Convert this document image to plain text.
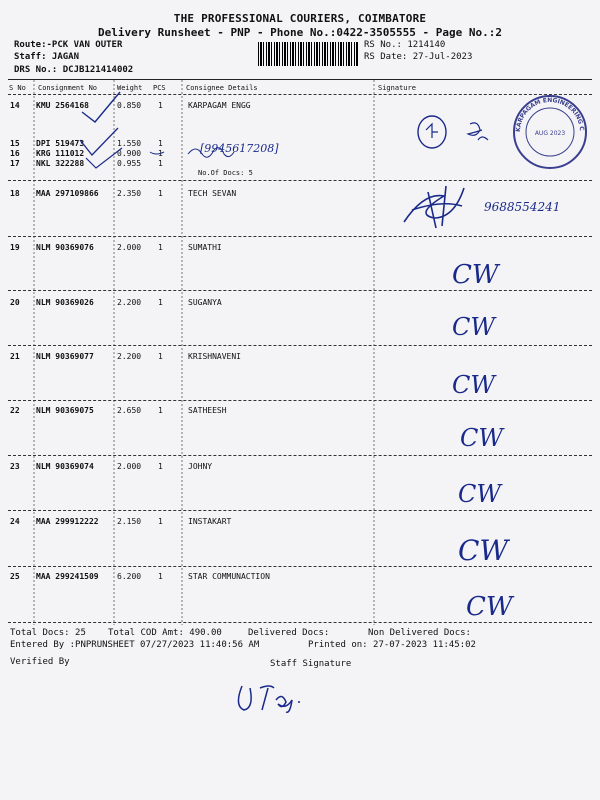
THE PROFESSIONAL COURIERS, COIMBATORE
Delivery Runsheet - PNP - Phone No.:0422-3505555 - Page No.:2
Route:-PCK VAN OUTER
Staff: JAGAN
DRS No.: DCJB121414002
RS No.: 1214140
RS Date: 27-Jul-2023
S No Consignment No	Weight PCS	Consignee Details	Signature
14 KMU 2564168	0.850 1	KARPAGAM ENGG
15 DPI 519473	1.550 1
16 KRG 111012	0.900 1
17 NKL 322288	0.955 1
No.Of Docs: 5
18 MAA 297109866 2.350 1	TECH SEVAN
19 NLM 90369076	2.000 1	SUMATHI
20 NLM 90369026	2.200 1	SUGANYA
21 NLM 90369077	2.200 1	KRISHNAVENI
22 NLM 90369075	2.650 1	SATHEESH
23 NLM 90369074	2.000 1	JOHNY
24 MAA 299912222 2.150 1	INSTAKART
25 MAA 299241509 6.200 1	STAR COMMUNACTION
[9945617208]
KARPAGAM ENGINEERING COLLEGE
AUG 2023
9688554241
CW
CW
CW
CW
CW
CW
CW
Total Docs: 25 Total COD Amt: 490.00	Delivered Docs:	Non Delivered Docs:
Entered By :PNPRUNSHEET 07/27/2023 11:40:56 AM	Printed on: 27-07-2023 11:45:02
Verified By	Staff Signature
